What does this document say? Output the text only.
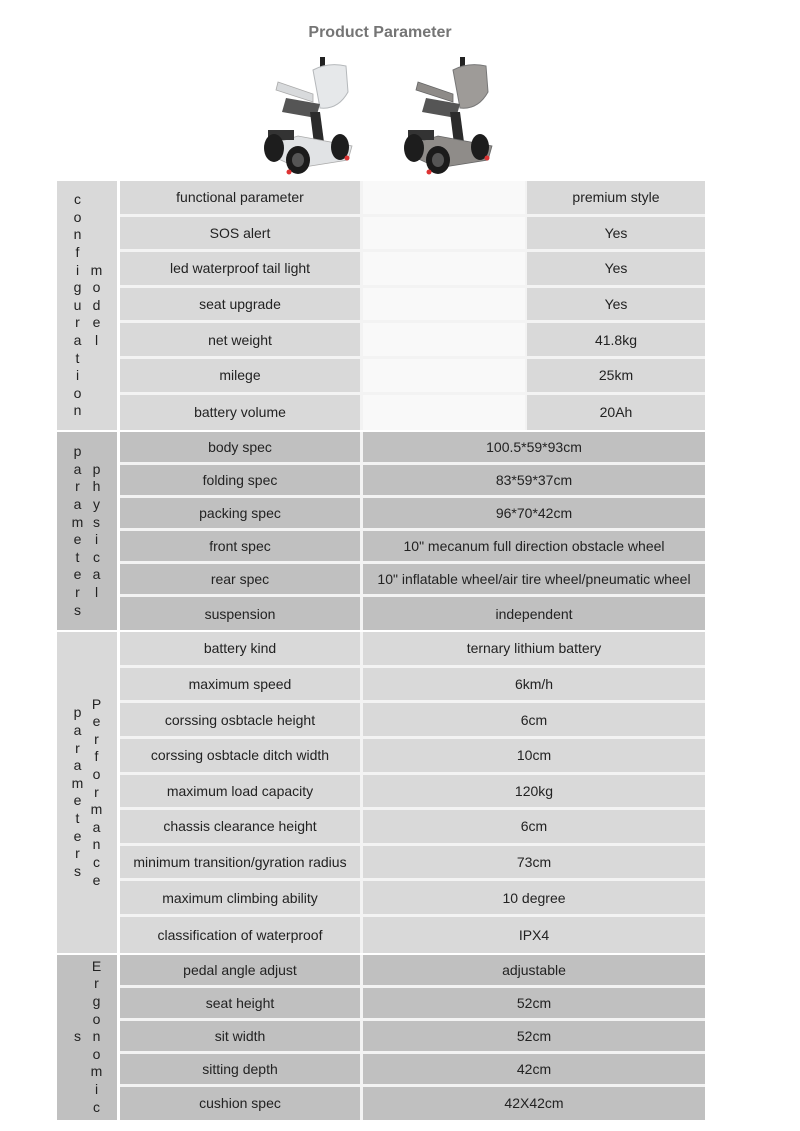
Product Parameter
c
o
n
f
i
g
u
r
a
t
i
o
n
m
o
d
e
l
functional parameter	premium style
SOS alert	Yes
led waterproof tail light	Yes
seat upgrade	Yes
net weight	41.8kg
milege	25km
battery volume	20Ah
p
a
r
a
m
e
t
e
r
s
p
h
y
s
i
c
a
l
body spec	100.5*59*93cm
folding spec	83*59*37cm
packing spec	96*70*42cm
front spec	10" mecanum full direction obstacle wheel
rear spec	10" inflatable wheel/air tire wheel/pneumatic wheel
suspension	independent
p
a
r
a
m
e
t
e
r
s
P
e
r
f
o
r
m
a
n
c
e
battery kind	ternary lithium battery
maximum speed	6km/h
corssing osbtacle height	6cm
corssing osbtacle ditch width	10cm
maximum load capacity	120kg
chassis clearance height	6cm
minimum transition/gyration radius	73cm
maximum climbing ability	10 degree
classification of waterproof	IPX4
s
E
r
g
o
n
o
m
i
c
pedal angle adjust	adjustable
seat height	52cm
sit width	52cm
sitting depth	42cm
cushion spec	42X42cm
